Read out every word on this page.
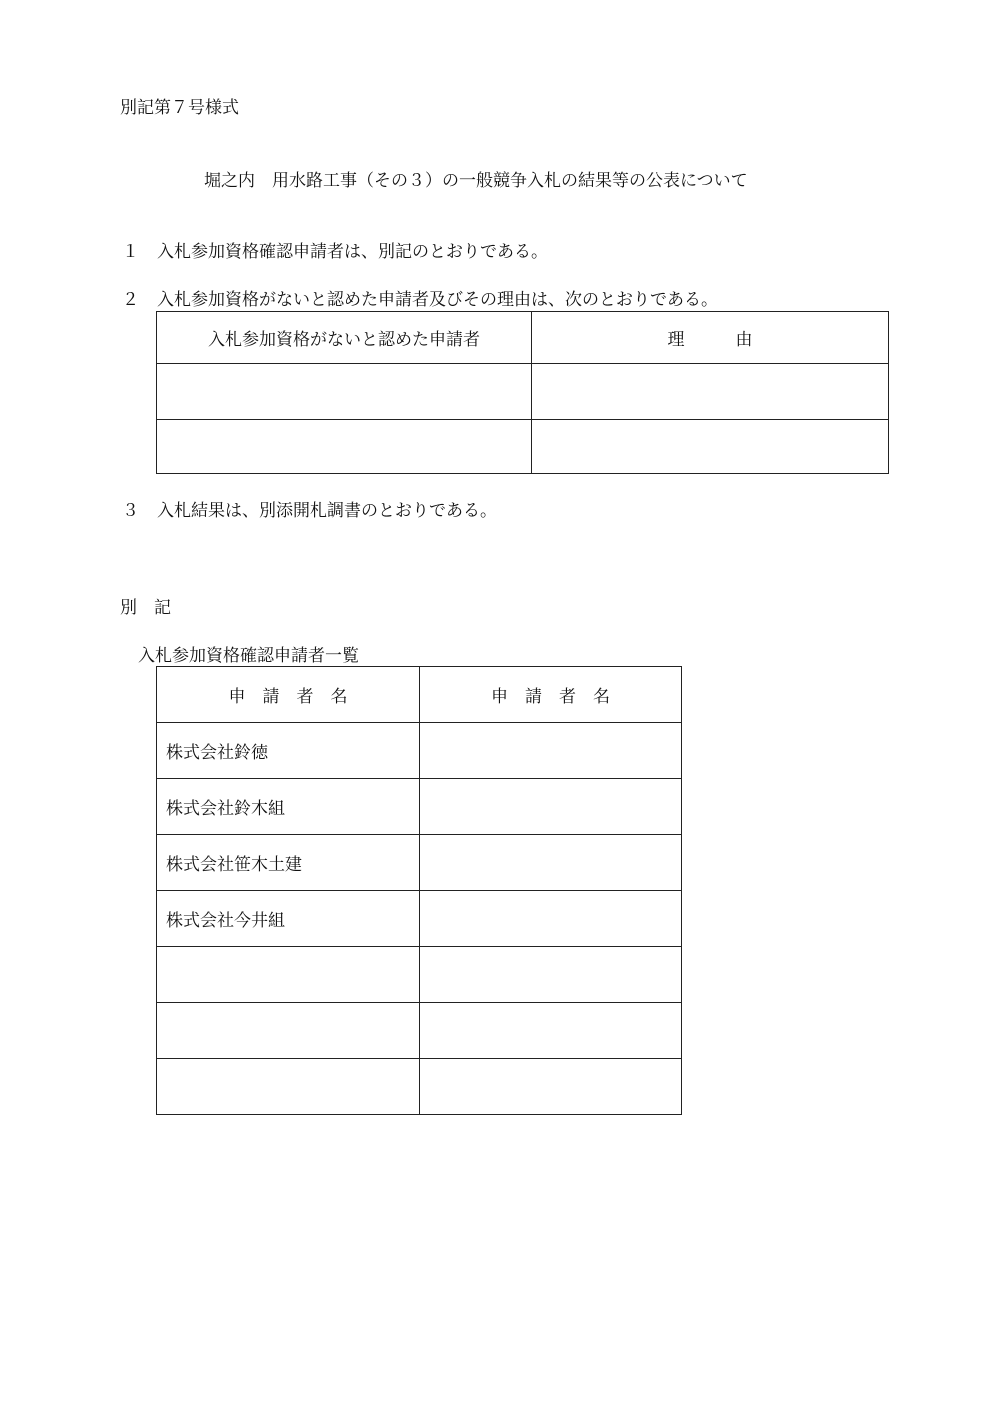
別記第７号様式

堀之内　用水路工事（その３）の一般競争入札の結果等の公表について

１ 入札参加資格確認申請者は、別記のとおりである。

２ 入札参加資格がないと認めた申請者及びその理由は、次のとおりである。

入札参加資格がないと認めた申請者	理　　　由

３ 入札結果は、別添開札調書のとおりである。

別　記

入札参加資格確認申請者一覧

申　請　者　名	申　請　者　名
株式会社鈴徳	
株式会社鈴木組	
株式会社笹木土建	
株式会社今井組	
